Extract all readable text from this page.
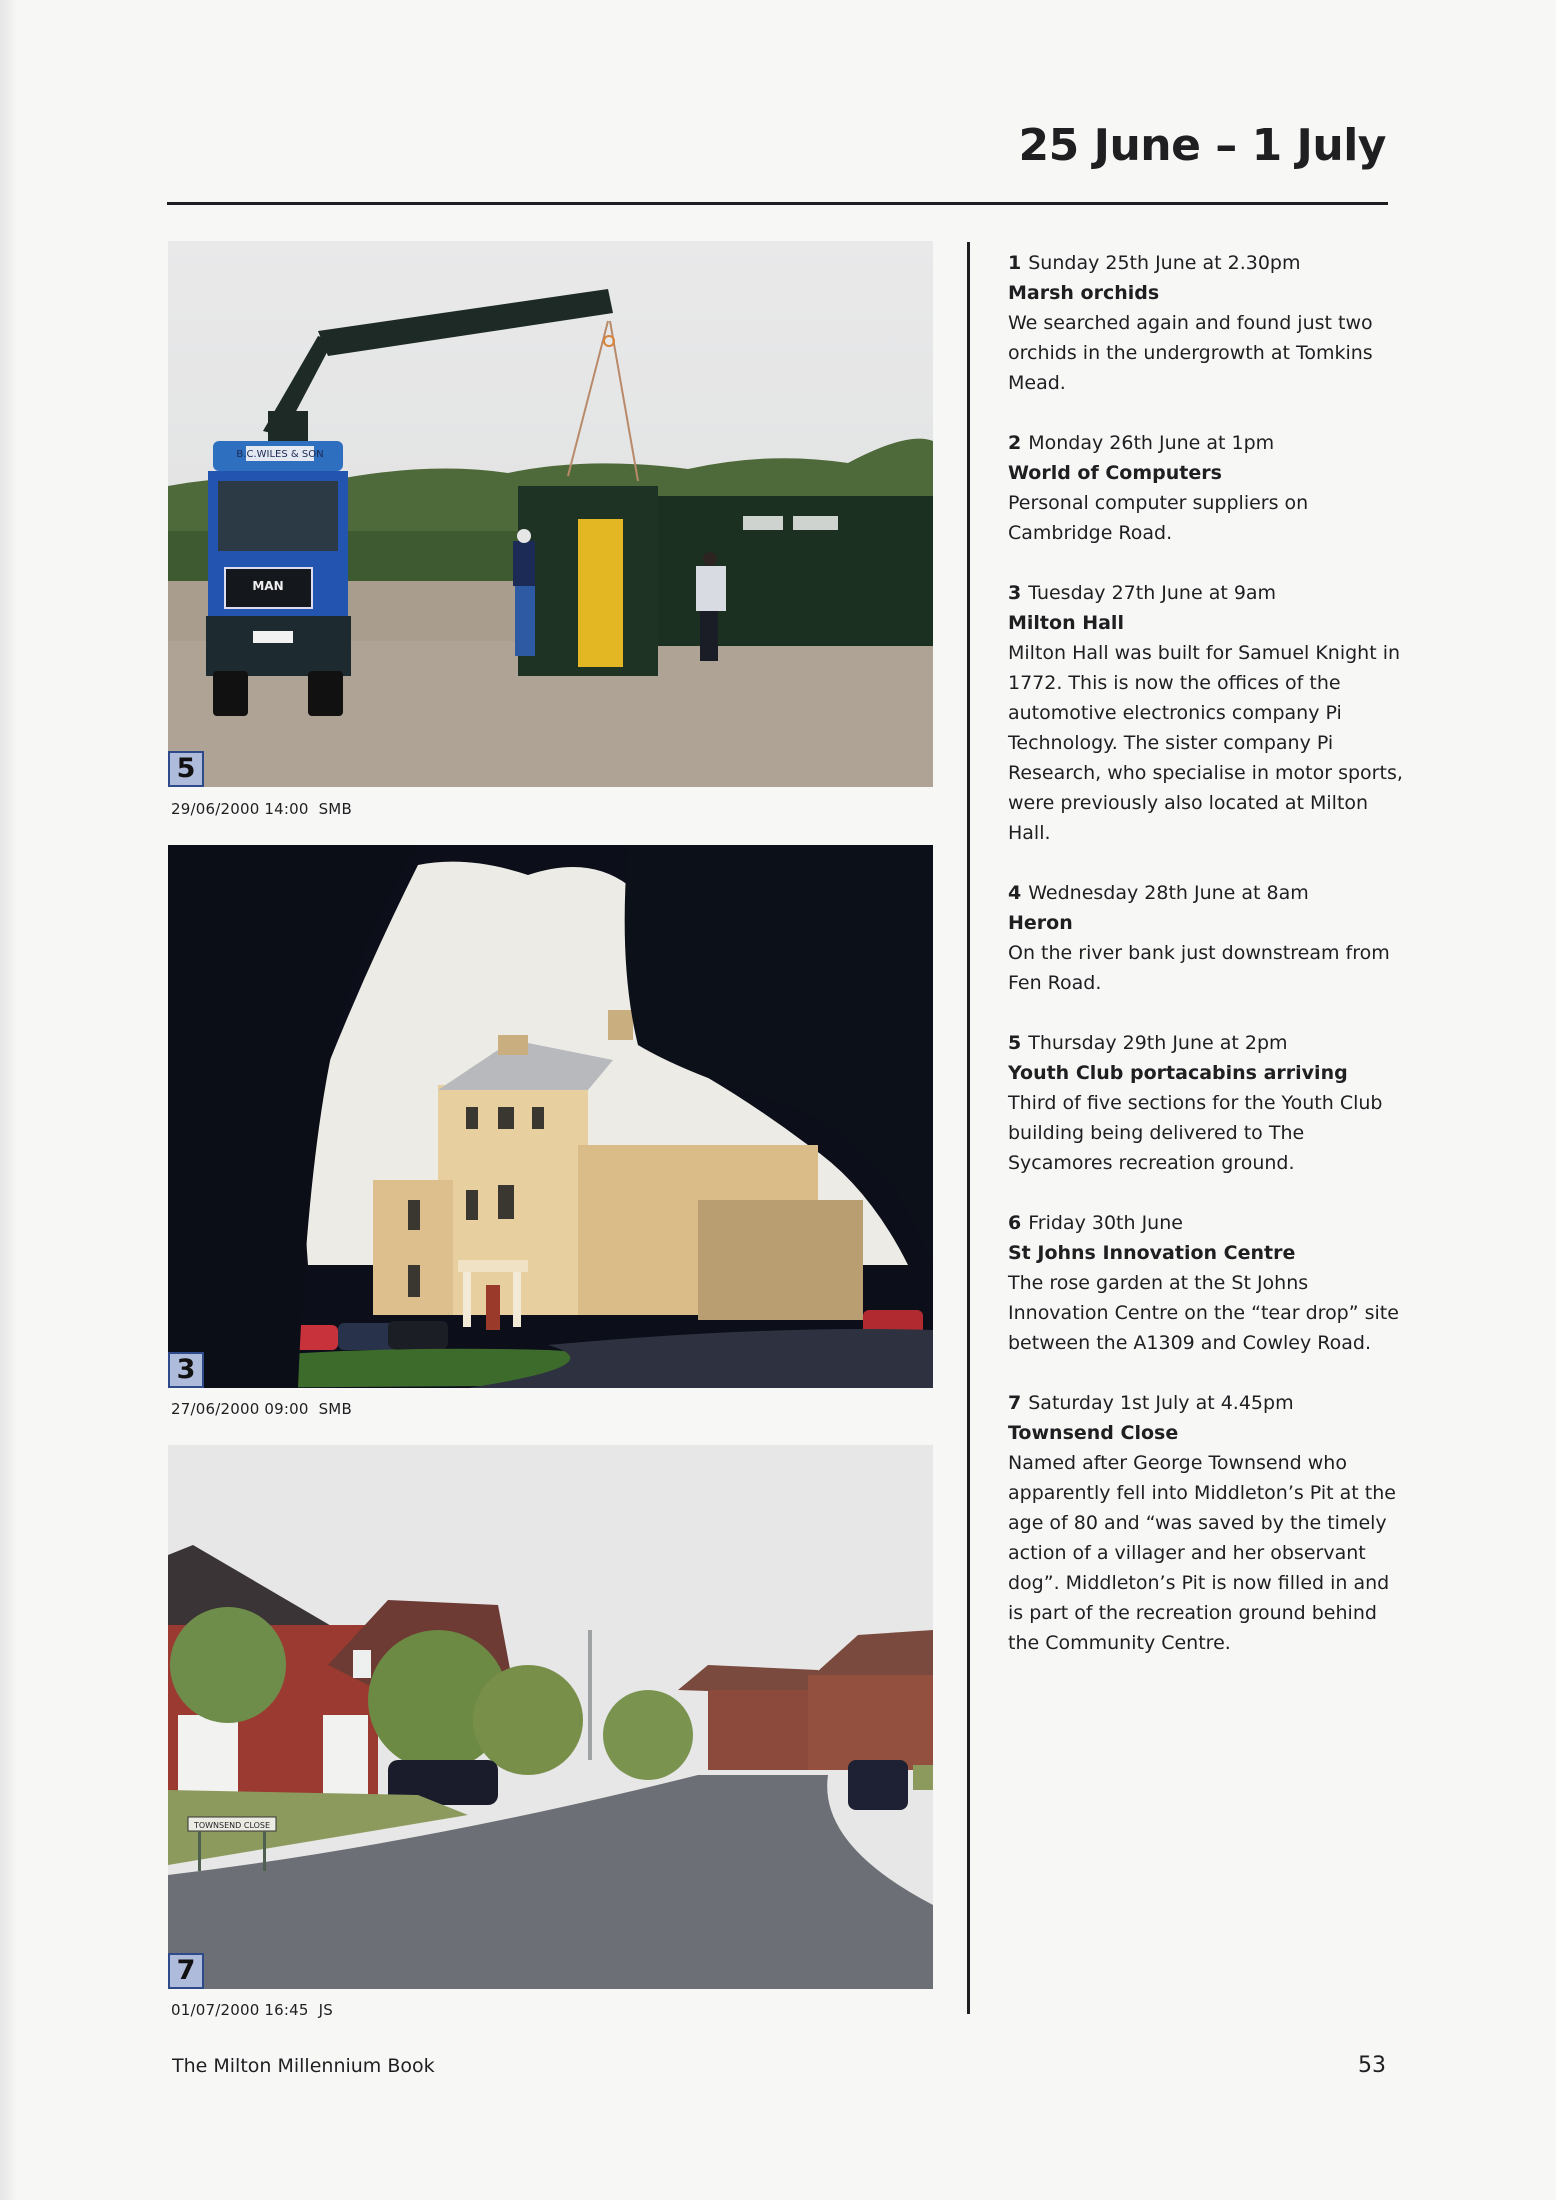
25 June – 1 July
B.C.WILES & SON
MAN
5
29/06/2000 14:00  SMB
3
27/06/2000 09:00  SMB
TOWNSEND CLOSE
7
01/07/2000 16:45  JS
1 Sunday 25th June at 2.30pm
Marsh orchids
We searched again and found just two orchids in the undergrowth at Tomkins Mead.
2 Monday 26th June at 1pm
World of Computers
Personal computer suppliers on Cambridge Road.
3 Tuesday 27th June at 9am
Milton Hall
Milton Hall was built for Samuel Knight in 1772. This is now the offices of the automotive electronics company Pi Technology. The sister company Pi Research, who specialise in motor sports, were previously also located at Milton Hall.
4 Wednesday 28th June at 8am
Heron
On the river bank just downstream from Fen Road.
5 Thursday 29th June at 2pm
Youth Club portacabins arriving
Third of five sections for the Youth Club building being delivered to The Sycamores recreation ground.
6 Friday 30th June
St Johns Innovation Centre
The rose garden at the St Johns Innovation Centre on the “tear drop” site between the A1309 and Cowley Road.
7 Saturday 1st July at 4.45pm
Townsend Close
Named after George Townsend who apparently fell into Middleton’s Pit at the age of 80 and “was saved by the timely action of a villager and her observant dog”. Middleton’s Pit is now filled in and is part of the recreation ground behind the Community Centre.
The Milton Millennium Book	53
